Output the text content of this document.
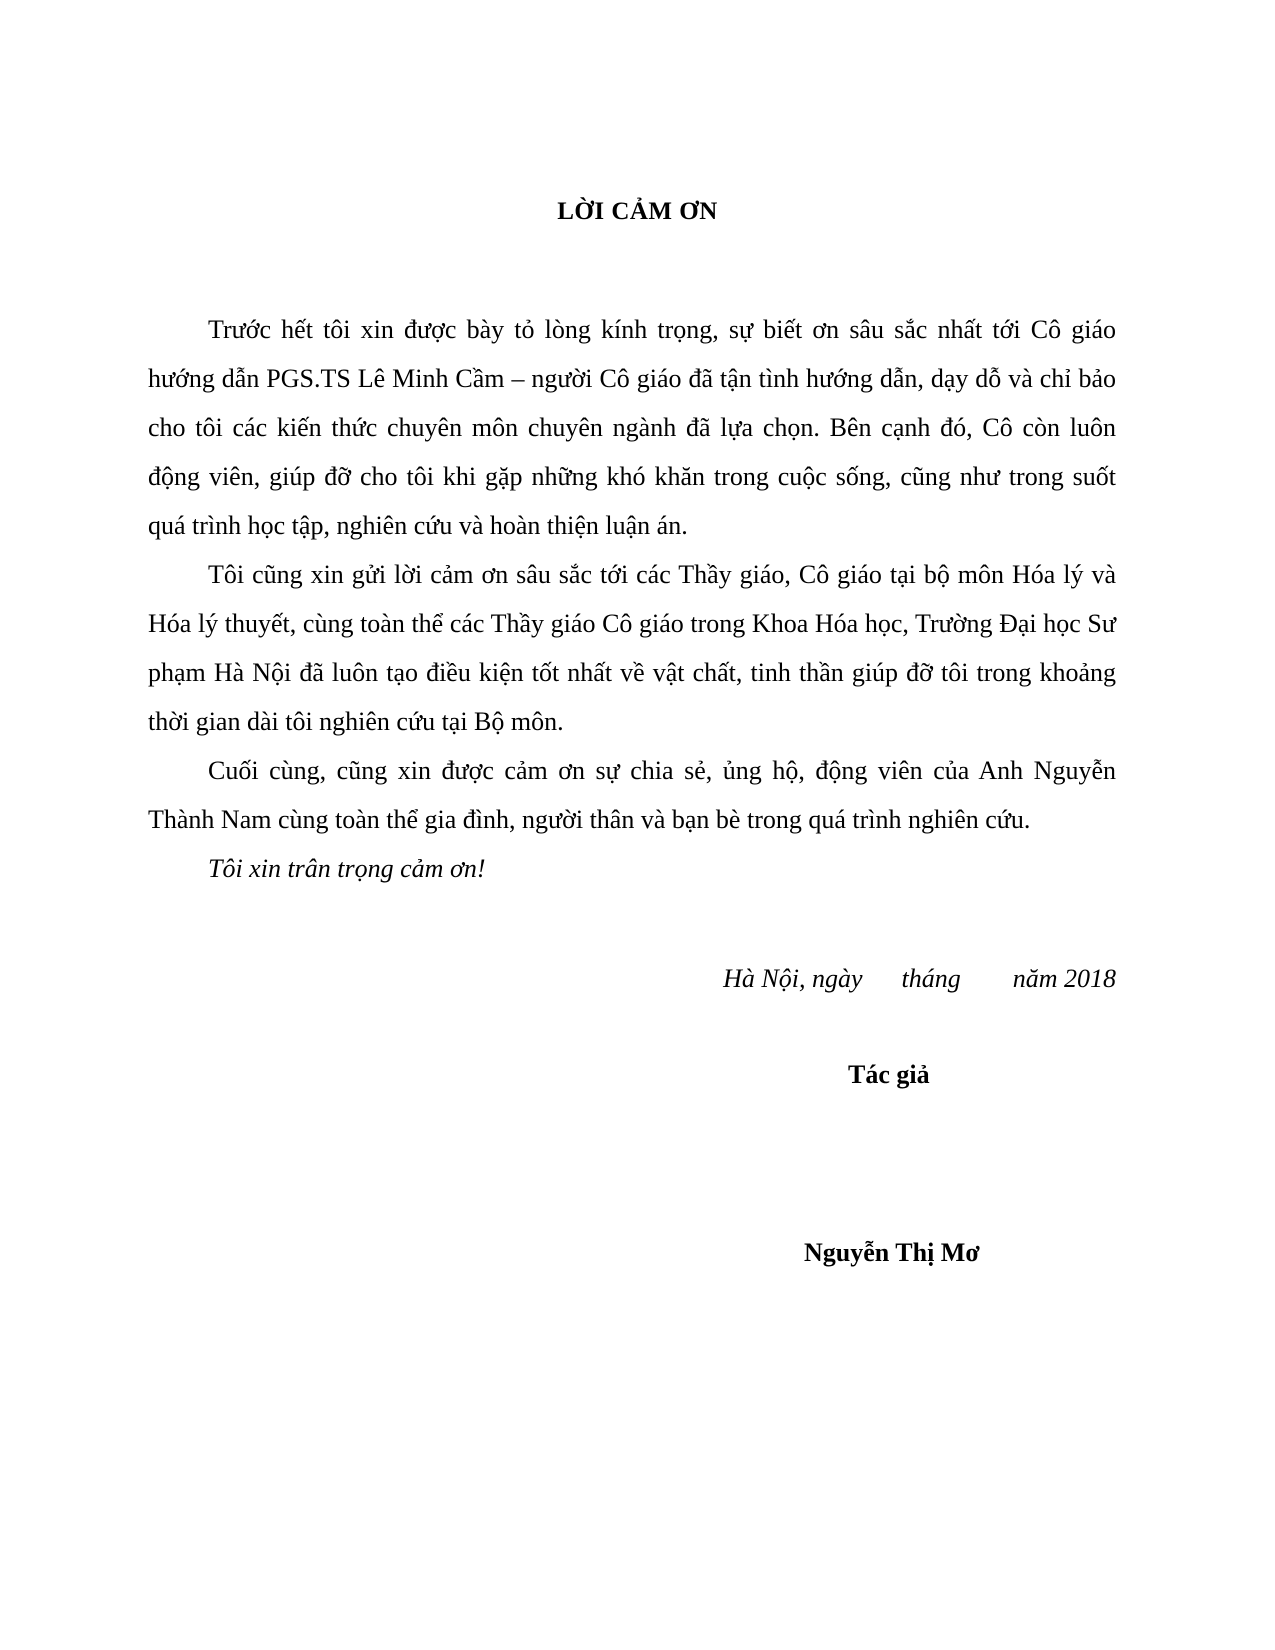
LỜI CẢM ƠN

Trước hết tôi xin được bày tỏ lòng kính trọng, sự biết ơn sâu sắc nhất tới Cô giáo hướng dẫn PGS.TS Lê Minh Cầm – người Cô giáo đã tận tình hướng dẫn, dạy dỗ và chỉ bảo cho tôi các kiến thức chuyên môn chuyên ngành đã lựa chọn. Bên cạnh đó, Cô còn luôn động viên, giúp đỡ cho tôi khi gặp những khó khăn trong cuộc sống, cũng như trong suốt quá trình học tập, nghiên cứu và hoàn thiện luận án.

Tôi cũng xin gửi lời cảm ơn sâu sắc tới các Thầy giáo, Cô giáo tại bộ môn Hóa lý và Hóa lý thuyết, cùng toàn thể các Thầy giáo Cô giáo trong Khoa Hóa học, Trường Đại học Sư phạm Hà Nội đã luôn tạo điều kiện tốt nhất về vật chất, tinh thần giúp đỡ tôi trong khoảng thời gian dài tôi nghiên cứu tại Bộ môn.

Cuối cùng, cũng xin được cảm ơn sự chia sẻ, ủng hộ, động viên của Anh Nguyễn Thành Nam cùng toàn thể gia đình, người thân và bạn bè trong quá trình nghiên cứu.

Tôi xin trân trọng cảm ơn!

Hà Nội, ngày      tháng        năm 2018
Tác giả
Nguyễn Thị Mơ
